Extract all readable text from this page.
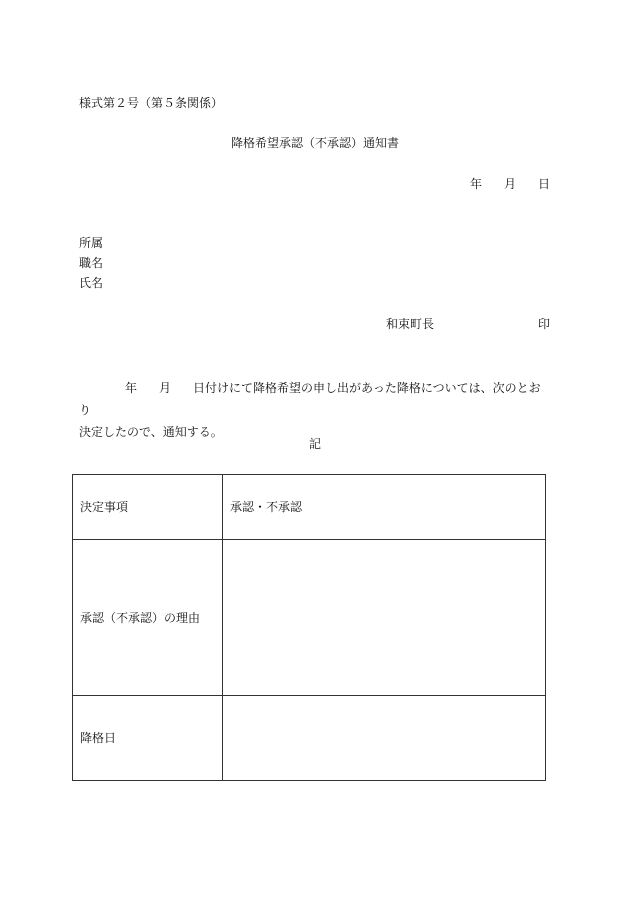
様式第２号（第５条関係）
降格希望承認（不承認）通知書
年 月 日
所属
職名
氏名
和束町長	印
年 月 日付けにて降格希望の申し出があった降格については、次のとおり
決定したので、通知する。
記
決定事項	承認・不承認
承認（不承認）の理由	
降格日	
